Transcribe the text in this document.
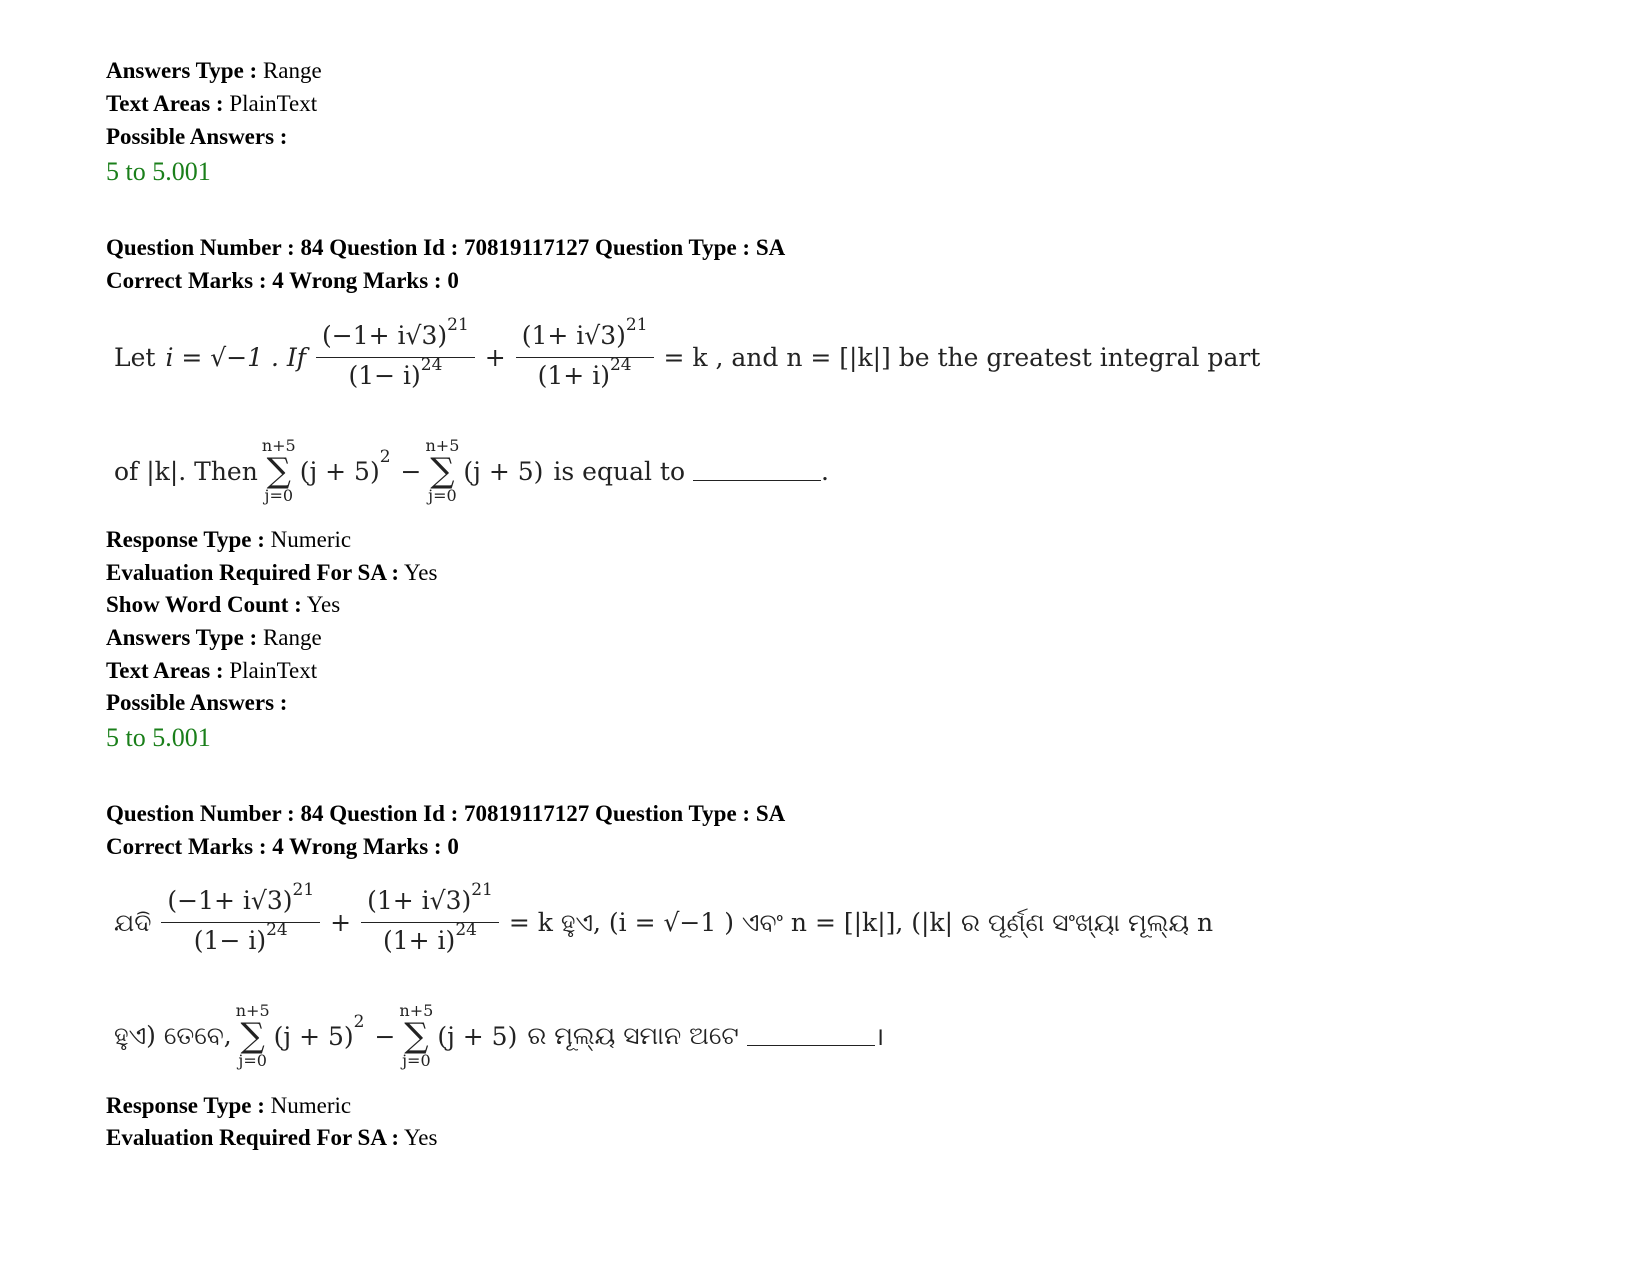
Answers Type : Range
Text Areas : PlainText
Possible Answers :
5 to 5.001
Question Number : 84 Question Id : 70819117127 Question Type : SA
Correct Marks : 4 Wrong Marks : 0
Let i = √−1 . If $\frac{(-1+ i√3)^{21}}{(1- i)^{24}} + \frac{(1+ i√3)^{21}}{(1+ i)^{24}} = k$ , and n = [|k|] be the greatest integral part
of |k|. Then
n+5
∑
j=0
(j + 5) 2 −
n+5
∑
j=0
(j + 5) is equal to	.
Response Type : Numeric
Evaluation Required For SA : Yes
Show Word Count : Yes
Answers Type : Range
Text Areas : PlainText
Possible Answers :
5 to 5.001
Question Number : 84 Question Id : 70819117127 Question Type : SA
Correct Marks : 4 Wrong Marks : 0
ଯଦି $\frac{(-1+ i√3)^{21}}{(1- i)^{24}} + \frac{(1+ i√3)^{21}}{(1+ i)^{24}} = k$ ହୁଏ, (i = √−1 ) ଏବଂ n = [|k|], (|k| ର ପୂର୍ଣ୍ଣ ସଂଖ୍ୟା ମୂଲ୍ୟ n
ହୁଏ) ତେବେ,
n+5
∑
j=0
(j + 5) 2 −
n+5
∑
j=0
(j + 5) ର ମୂଲ୍ୟ ସମାନ ଅଟେ	।
Response Type : Numeric
Evaluation Required For SA : Yes
